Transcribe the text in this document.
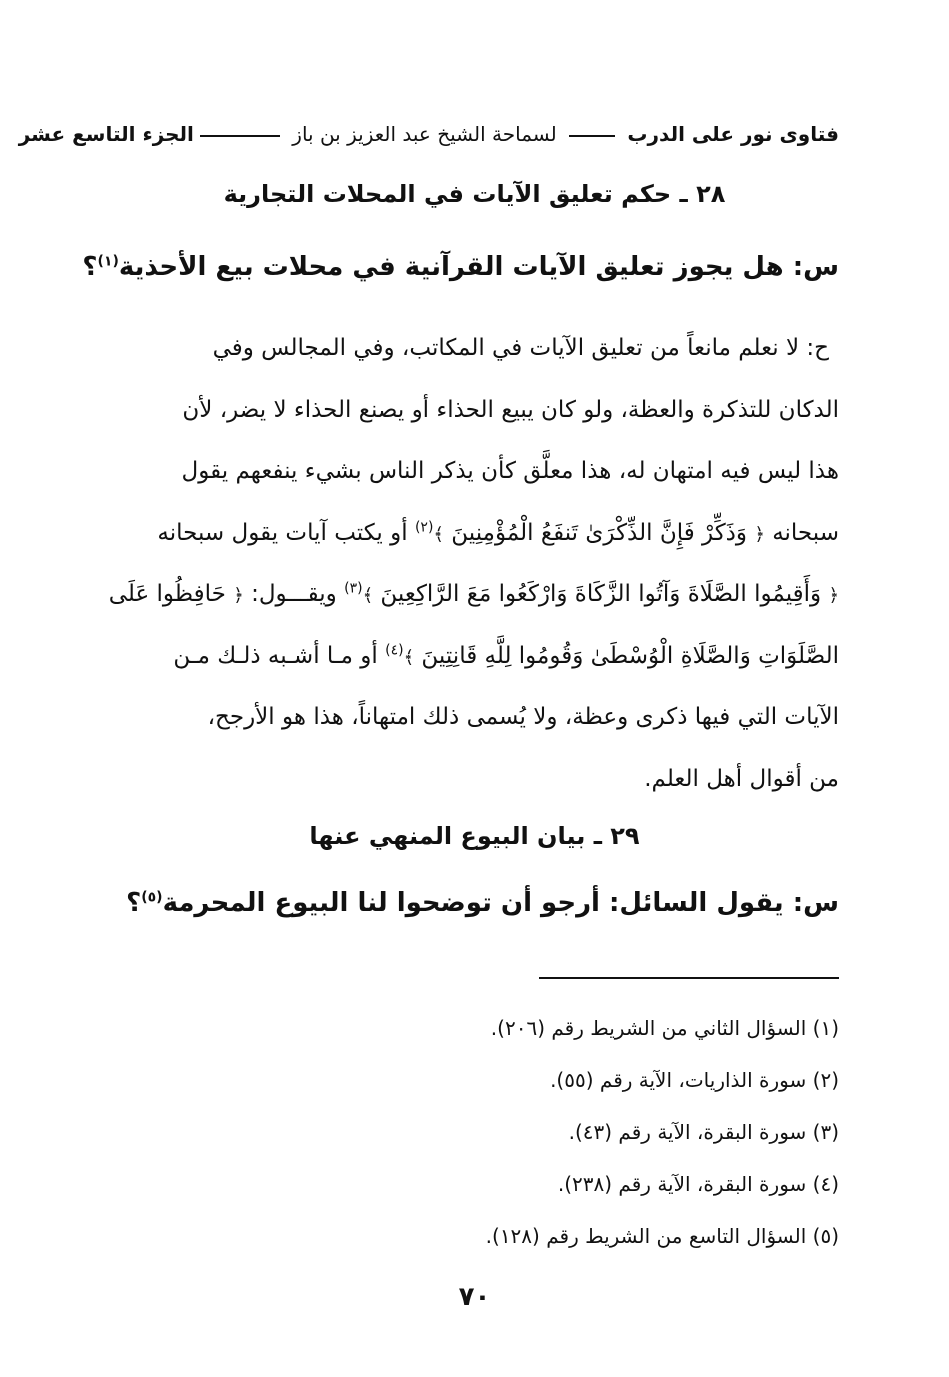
فتاوى نور على الدرب  لسماحة الشيخ عبد العزيز بن باز
الجزء التاسع عشر
٢٨ ـ حكم تعليق الآيات في المحلات التجارية
س: هل يجوز تعليق الآيات القرآنية في محلات بيع الأحذية$^{(١)}$؟
ح: لا نعلم مانعاً من تعليق الآيات في المكاتب، وفي المجالس وفي
الدكان للتذكرة والعظة، ولو كان يبيع الحذاء أو يصنع الحذاء لا يضر، لأن
هذا ليس فيه امتهان له، هذا معلَّق كأن يذكر الناس بشيء ينفعهم يقول
سبحانه ﴿ وَذَكِّرْ فَإِنَّ الذِّكْرَىٰ تَنفَعُ الْمُؤْمِنِينَ ﴾$^{(٢)}$ أو يكتب آيات يقول سبحانه
﴿ وَأَقِيمُوا الصَّلَاةَ وَآتُوا الزَّكَاةَ وَارْكَعُوا مَعَ الرَّاكِعِينَ ﴾$^{(٣)}$ ويقـــول: ﴿ حَافِظُوا عَلَى
الصَّلَوَاتِ وَالصَّلَاةِ الْوُسْطَىٰ وَقُومُوا لِلَّهِ قَانِتِينَ ﴾$^{(٤)}$ أو مـا أشـبه ذلـك مـن
الآيات التي فيها ذكرى وعظة، ولا يُسمى ذلك امتهاناً، هذا هو الأرجح،
من أقوال أهل العلم.
٢٩ ـ بيان البيوع المنهي عنها
س: يقول السائل: أرجو أن توضحوا لنا البيوع المحرمة$^{(٥)}$؟
(١) السؤال الثاني من الشريط رقم (٢٠٦).
(٢) سورة الذاريات، الآية رقم (٥٥).
(٣) سورة البقرة، الآية رقم (٤٣).
(٤) سورة البقرة، الآية رقم (٢٣٨).
(٥) السؤال التاسع من الشريط رقم (١٢٨).
٧٠
